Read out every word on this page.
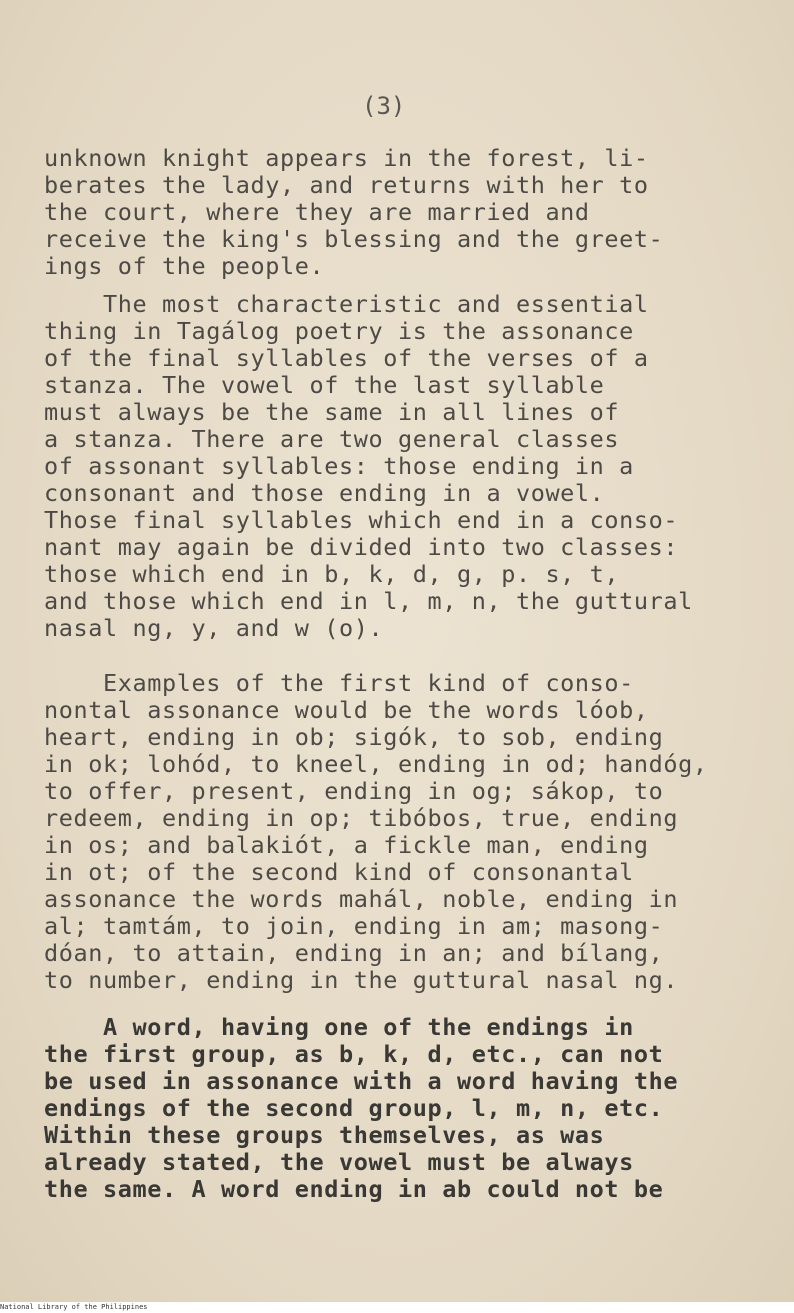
(3)
unknown knight appears in the forest, li-
berates the lady, and returns with her to
the court, where they are married and
receive the king's blessing and the greet-
ings of the people.
The most characteristic and essential
thing in Tagálog poetry is the assonance
of the final syllables of the verses of a
stanza. The vowel of the last syllable
must always be the same in all lines of
a stanza. There are two general classes
of assonant syllables: those ending in a
consonant and those ending in a vowel.
Those final syllables which end in a conso-
nant may again be divided into two classes:
those which end in b, k, d, g, p. s, t,
and those which end in l, m, n, the guttural
nasal ng, y, and w (o).
Examples of the first kind of conso-
nontal assonance would be the words lóob,
heart, ending in ob; sigók, to sob, ending
in ok; lohód, to kneel, ending in od; handóg,
to offer, present, ending in og; sákop, to
redeem, ending in op; tibóbos, true, ending
in os; and balakiót, a fickle man, ending
in ot; of the second kind of consonantal
assonance the words mahál, noble, ending in
al; tamtám, to join, ending in am; masong-
dóan, to attain, ending in an; and bílang,
to number, ending in the guttural nasal ng.
A word, having one of the endings in
the first group, as b, k, d, etc., can not
be used in assonance with a word having the
endings of the second group, l, m, n, etc.
Within these groups themselves, as was
already stated, the vowel must be always
the same. A word ending in ab could not be
National Library of the Philippines
